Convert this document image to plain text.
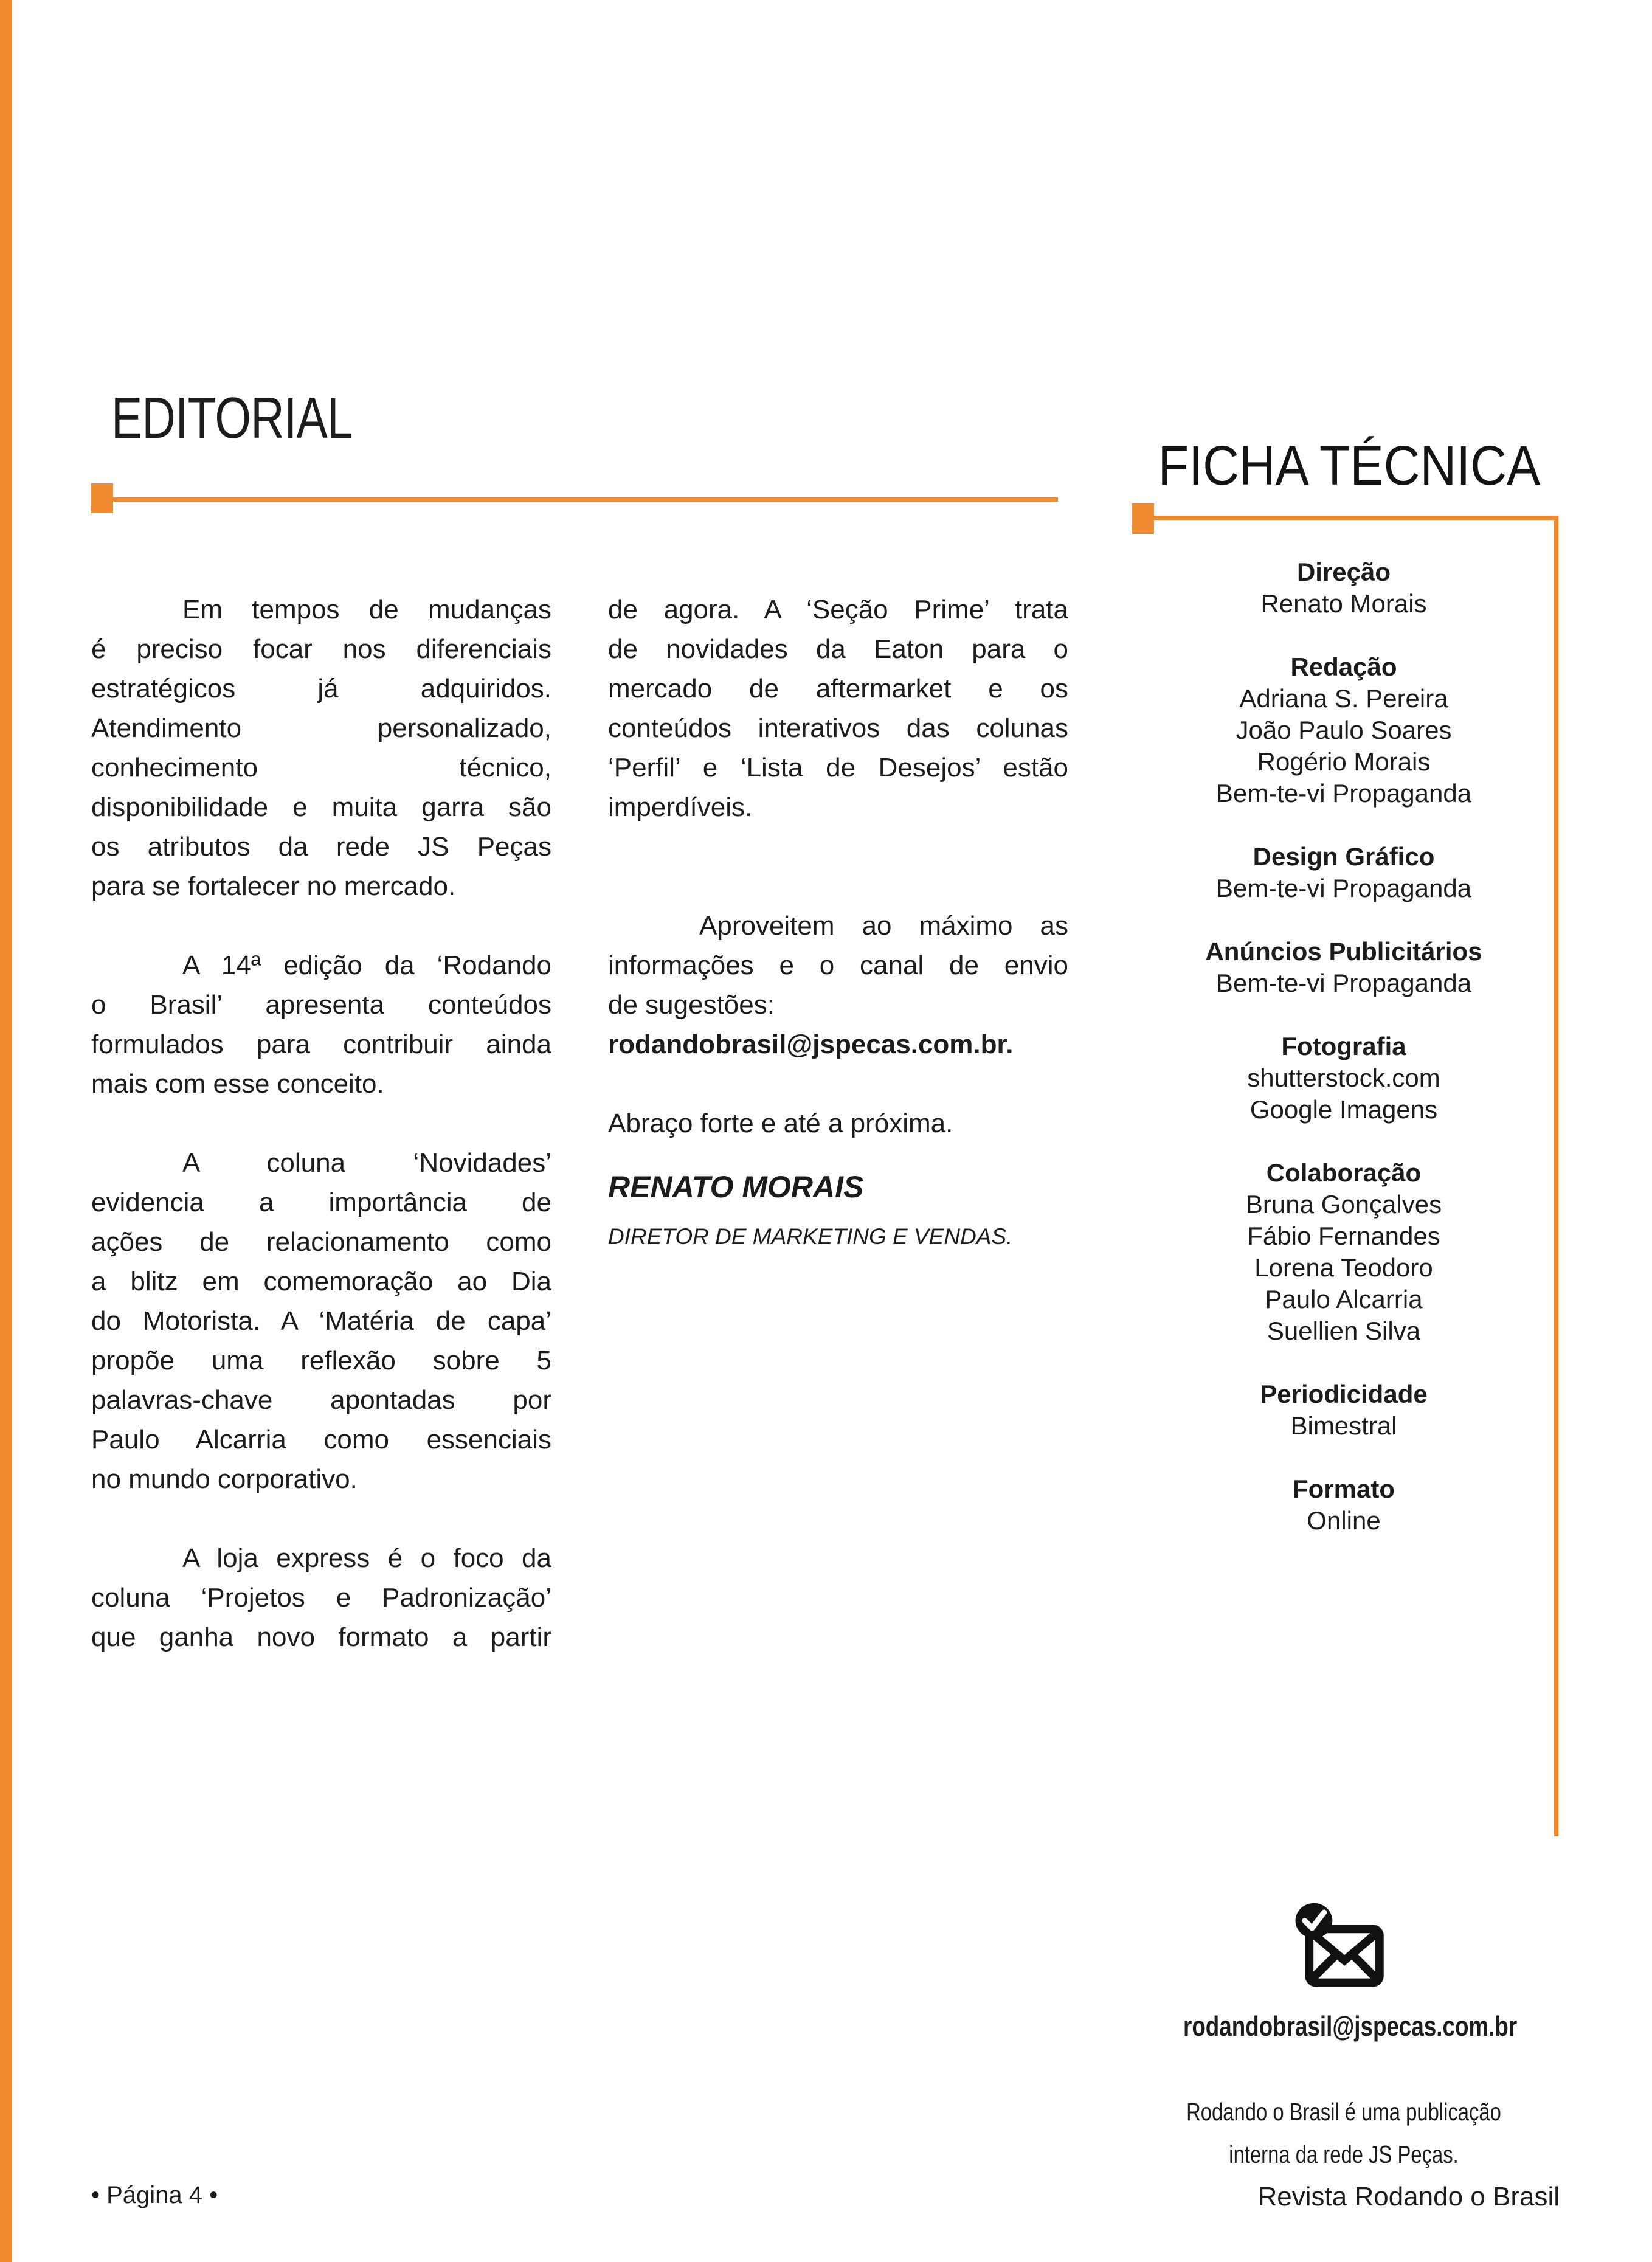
EDITORIAL
FICHA TÉCNICA
Em tempos de mudanças
é preciso focar nos diferenciais
estratégicos já adquiridos.
Atendimento personalizado,
conhecimento técnico,
disponibilidade e muita garra são
os atributos da rede JS Peças
para se fortalecer no mercado.
A 14ª edição da ‘Rodando
o Brasil’ apresenta conteúdos
formulados para contribuir ainda
mais com esse conceito.
A coluna ‘Novidades’
evidencia a importância de
ações de relacionamento como
a blitz em comemoração ao Dia
do Motorista. A ‘Matéria de capa’
propõe uma reflexão sobre 5
palavras-chave apontadas por
Paulo Alcarria como essenciais
no mundo corporativo.
A loja express é o foco da
coluna ‘Projetos e Padronização’
que ganha novo formato a partir
de agora. A ‘Seção Prime’ trata
de novidades da Eaton para o
mercado de aftermarket e os
conteúdos interativos das colunas
‘Perfil’ e ‘Lista de Desejos’ estão
imperdíveis.
Aproveitem ao máximo as
informações e o canal de envio
de sugestões:
rodandobrasil@jspecas.com.br.
Abraço forte e até a próxima.
RENATO MORAIS
DIRETOR DE MARKETING E VENDAS.
Direção
Renato Morais
Redação
Adriana S. Pereira
João Paulo Soares
Rogério Morais
Bem-te-vi Propaganda
Design Gráfico
Bem-te-vi Propaganda
Anúncios Publicitários
Bem-te-vi Propaganda
Fotografia
shutterstock.com
Google Imagens
Colaboração
Bruna Gonçalves
Fábio Fernandes
Lorena Teodoro
Paulo Alcarria
Suellien Silva
Periodicidade
Bimestral
Formato
Online
rodandobrasil@jspecas.com.br
Rodando o Brasil é uma publicação
interna da rede JS Peças.
• Página 4 •	Revista Rodando o Brasil
